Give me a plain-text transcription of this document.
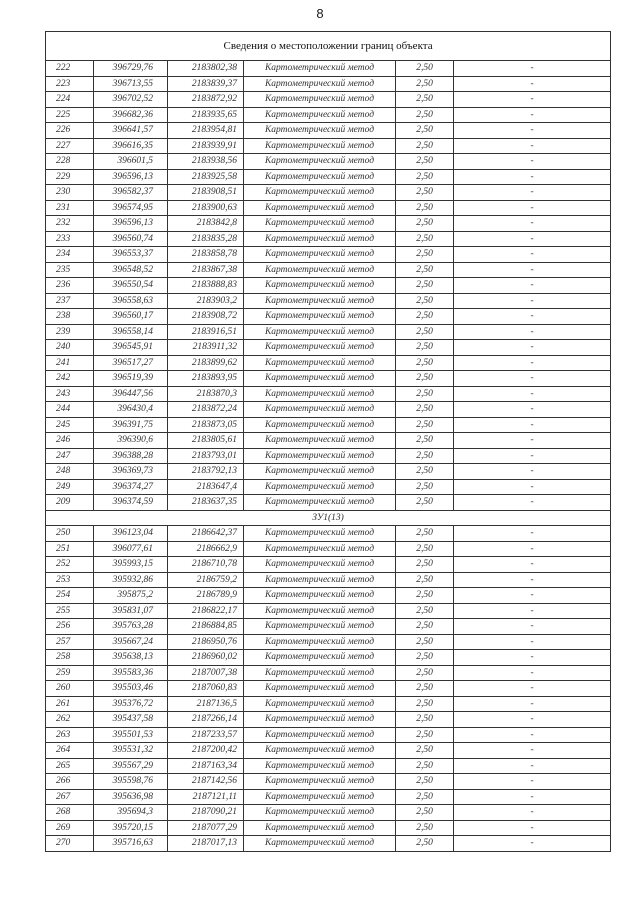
8
Сведения о местоположении границ объекта					
222	396729,76	2183802,38	Картометрический метод	2,50	-
223	396713,55	2183839,37	Картометрический метод	2,50	-
224	396702,52	2183872,92	Картометрический метод	2,50	-
225	396682,36	2183935,65	Картометрический метод	2,50	-
226	396641,57	2183954,81	Картометрический метод	2,50	-
227	396616,35	2183939,91	Картометрический метод	2,50	-
228	396601,5	2183938,56	Картометрический метод	2,50	-
229	396596,13	2183925,58	Картометрический метод	2,50	-
230	396582,37	2183908,51	Картометрический метод	2,50	-
231	396574,95	2183900,63	Картометрический метод	2,50	-
232	396596,13	2183842,8	Картометрический метод	2,50	-
233	396560,74	2183835,28	Картометрический метод	2,50	-
234	396553,37	2183858,78	Картометрический метод	2,50	-
235	396548,52	2183867,38	Картометрический метод	2,50	-
236	396550,54	2183888,83	Картометрический метод	2,50	-
237	396558,63	2183903,2	Картометрический метод	2,50	-
238	396560,17	2183908,72	Картометрический метод	2,50	-
239	396558,14	2183916,51	Картометрический метод	2,50	-
240	396545,91	2183911,32	Картометрический метод	2,50	-
241	396517,27	2183899,62	Картометрический метод	2,50	-
242	396519,39	2183893,95	Картометрический метод	2,50	-
243	396447,56	2183870,3	Картометрический метод	2,50	-
244	396430,4	2183872,24	Картометрический метод	2,50	-
245	396391,75	2183873,05	Картометрический метод	2,50	-
246	396390,6	2183805,61	Картометрический метод	2,50	-
247	396388,28	2183793,01	Картометрический метод	2,50	-
248	396369,73	2183792,13	Картометрический метод	2,50	-
249	396374,27	2183647,4	Картометрический метод	2,50	-
209	396374,59	2183637,35	Картометрический метод	2,50	-
ЗУ1(13)					
250	396123,04	2186642,37	Картометрический метод	2,50	-
251	396077,61	2186662,9	Картометрический метод	2,50	-
252	395993,15	2186710,78	Картометрический метод	2,50	-
253	395932,86	2186759,2	Картометрический метод	2,50	-
254	395875,2	2186789,9	Картометрический метод	2,50	-
255	395831,07	2186822,17	Картометрический метод	2,50	-
256	395763,28	2186884,85	Картометрический метод	2,50	-
257	395667,24	2186950,76	Картометрический метод	2,50	-
258	395638,13	2186960,02	Картометрический метод	2,50	-
259	395583,36	2187007,38	Картометрический метод	2,50	-
260	395503,46	2187060,83	Картометрический метод	2,50	-
261	395376,72	2187136,5	Картометрический метод	2,50	-
262	395437,58	2187266,14	Картометрический метод	2,50	-
263	395501,53	2187233,57	Картометрический метод	2,50	-
264	395531,32	2187200,42	Картометрический метод	2,50	-
265	395567,29	2187163,34	Картометрический метод	2,50	-
266	395598,76	2187142,56	Картометрический метод	2,50	-
267	395636,98	2187121,11	Картометрический метод	2,50	-
268	395694,3	2187090,21	Картометрический метод	2,50	-
269	395720,15	2187077,29	Картометрический метод	2,50	-
270	395716,63	2187017,13	Картометрический метод	2,50	-
